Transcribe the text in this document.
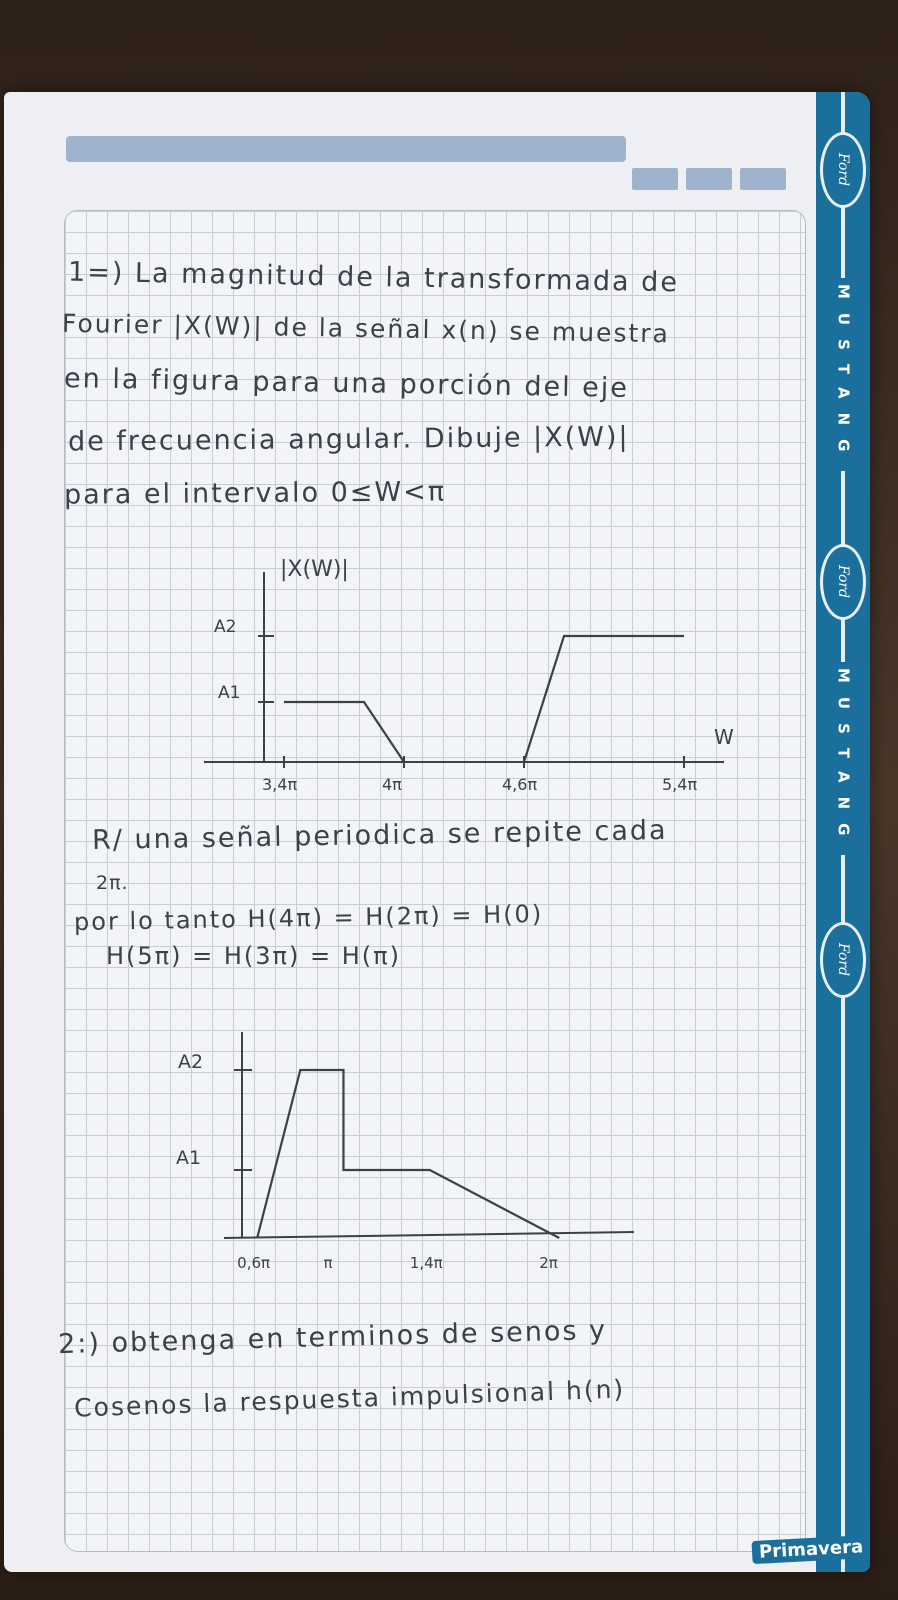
Ford
MUSTANG
Ford
MUSTANG
Ford
Primavera
1=) La magnitud de la transformada de
Fourier |X(W)| de la señal x(n) se muestra
en la figura para una porción del eje
de frecuencia angular. Dibuje |X(W)|
para el intervalo 0≤W<π
|X(W)|
W
A1
A2
3,4π	4π	4,6π	5,4π
R/ una señal periodica se repite cada
2π.
por lo tanto H(4π) = H(2π) = H(0)
H(5π) = H(3π) = H(π)
A2
A1
0,6π	π	1,4π	2π
2:) obtenga en terminos de senos y
Cosenos la respuesta impulsional h(n)
